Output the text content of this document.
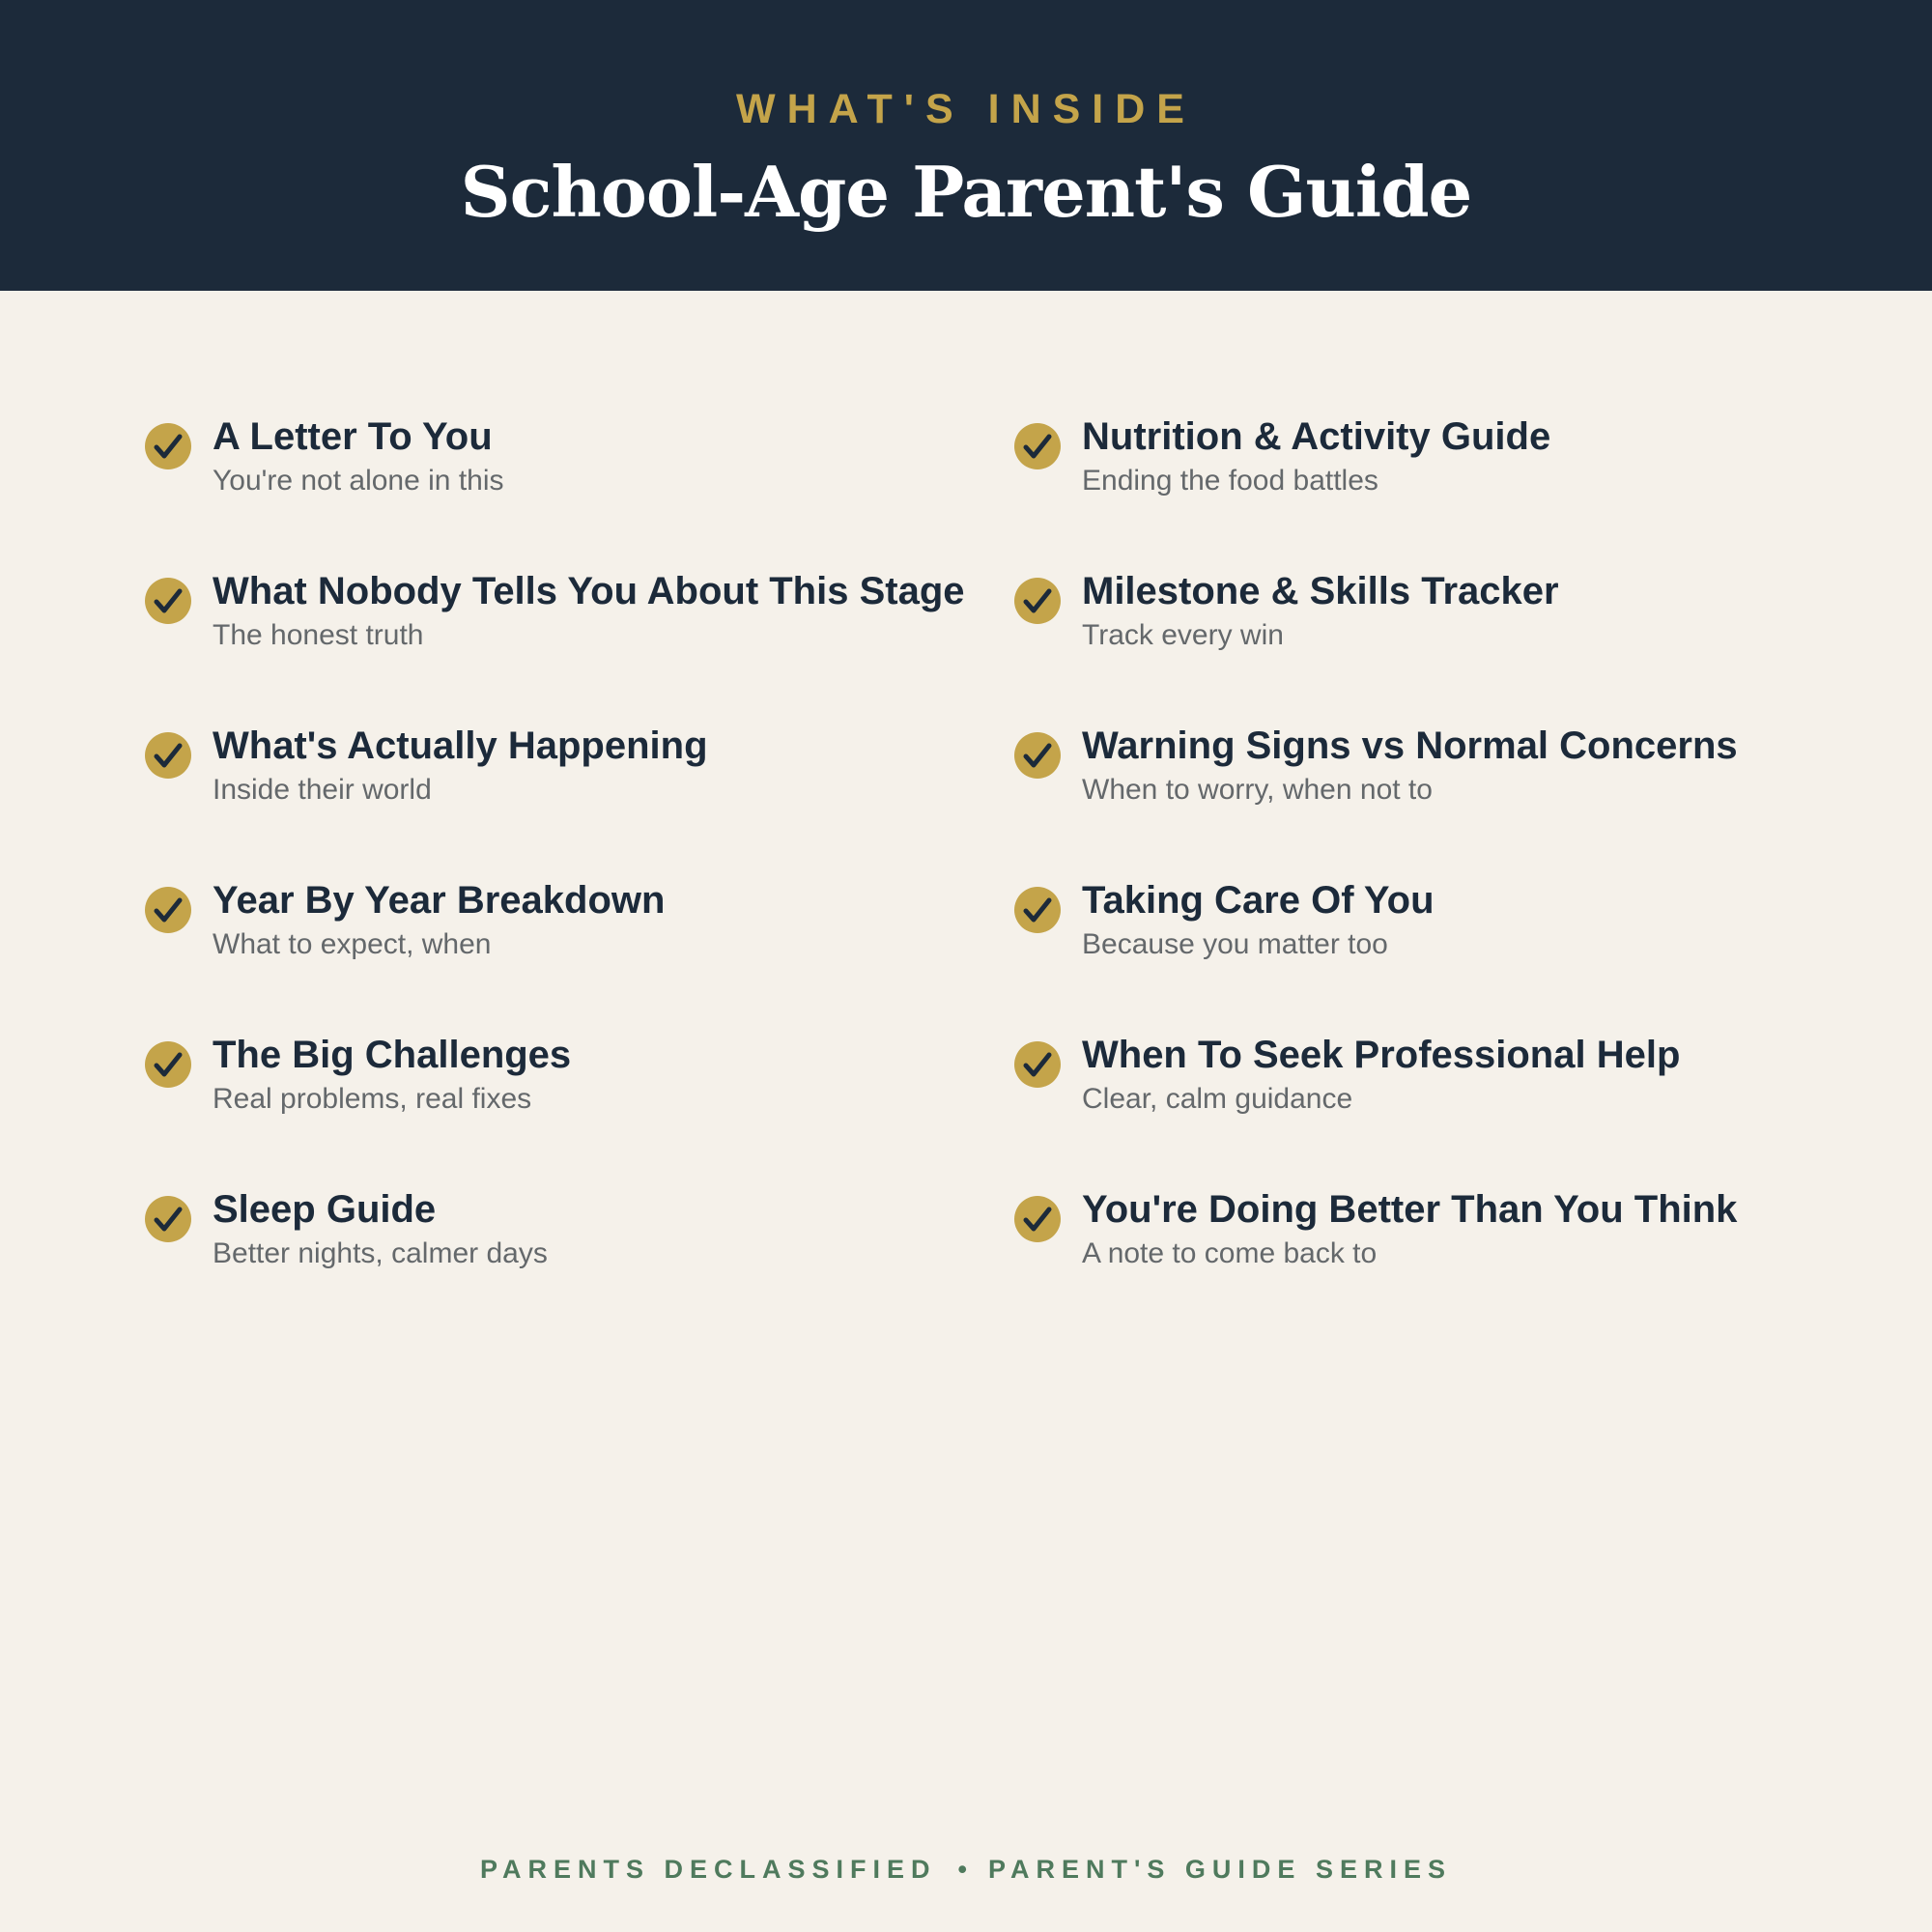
WHAT'S INSIDE
School-Age Parent's Guide
A Letter To You
You're not alone in this
What Nobody Tells You About This Stage
The honest truth
What's Actually Happening
Inside their world
Year By Year Breakdown
What to expect, when
The Big Challenges
Real problems, real fixes
Sleep Guide
Better nights, calmer days
Nutrition & Activity Guide
Ending the food battles
Milestone & Skills Tracker
Track every win
Warning Signs vs Normal Concerns
When to worry, when not to
Taking Care Of You
Because you matter too
When To Seek Professional Help
Clear, calm guidance
You're Doing Better Than You Think
A note to come back to
PARENTS DECLASSIFIED • PARENT'S GUIDE SERIES
